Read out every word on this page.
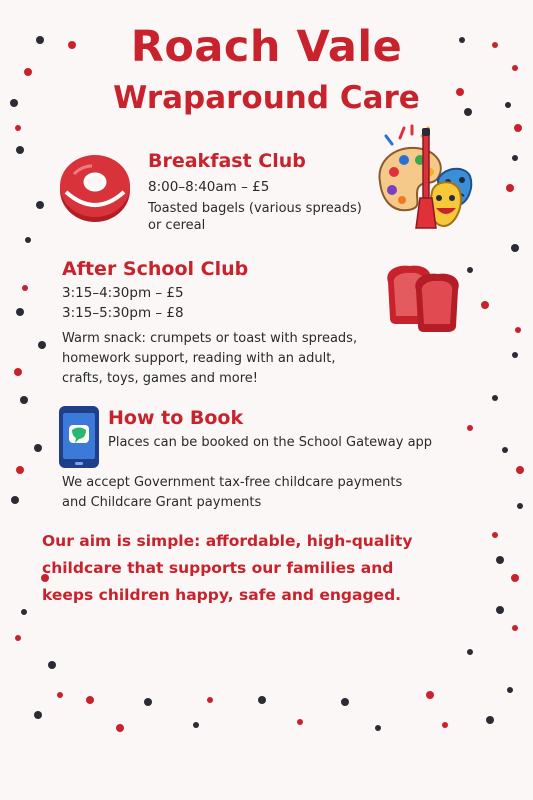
Roach Vale
Wraparound Care
Breakfast Club

8:00–8:40am – £5

Toasted bagels (various spreads)

or cereal

After School Club

3:15–4:30pm – £5

3:15–5:30pm – £8

Warm snack: crumpets or toast with spreads,

homework support, reading with an adult,

crafts, toys, games and more!

How to Book

Places can be booked on the School Gateway app

We accept Government tax-free childcare payments

and Childcare Grant payments

Our aim is simple: affordable, high-quality
childcare that supports our families and
keeps children happy, safe and engaged.
